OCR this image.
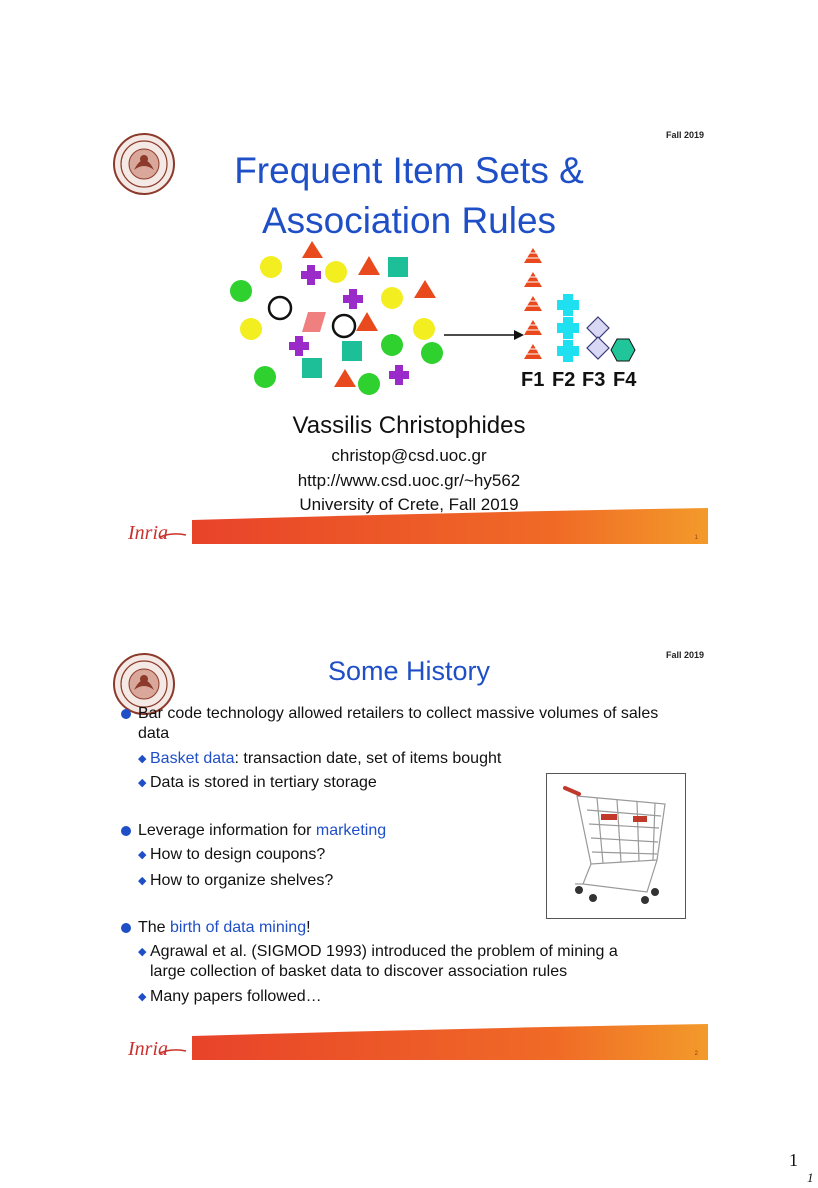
Fall 2019
Frequent Item Sets &
Association Rules
F1 F2 F3 F4
Vassilis Christophides
christop@csd.uoc.gr
http://www.csd.uoc.gr/~hy562
University of Crete, Fall 2019
Inria	1
Fall 2019
Some History
Bar code technology allowed retailers to collect massive volumes of sales
data
◆ Basket data: transaction date, set of items bought
◆ Data is stored in tertiary storage
Leverage information for marketing
◆ How to design coupons?
◆ How to organize shelves?
The birth of data mining!
◆ Agrawal et al. (SIGMOD 1993) introduced the problem of mining a
large collection of basket data to discover association rules
◆ Many papers followed…
Inria	2
1
1
